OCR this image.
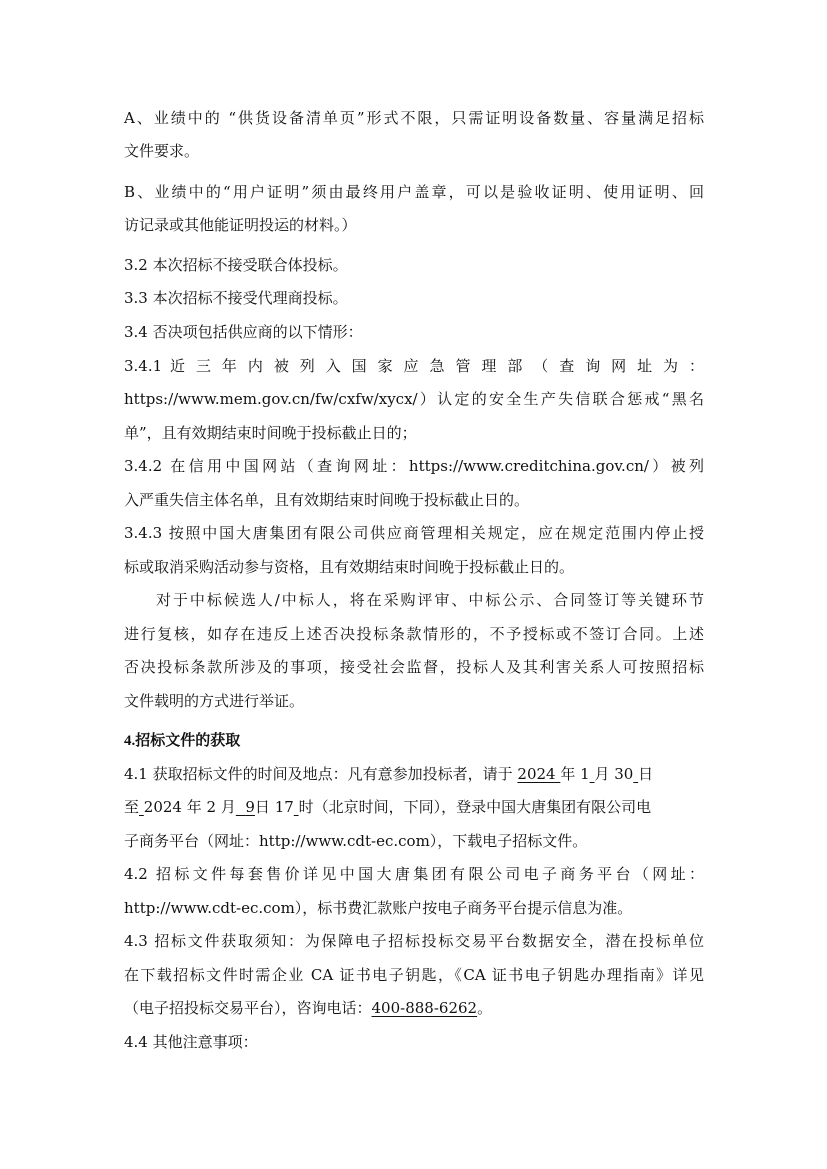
A、业绩中的 “供货设备清单页”形式不限，只需证明设备数量、容量满足招标
文件要求。
B、业绩中的“用户证明”须由最终用户盖章，可以是验收证明、使用证明、回
访记录或其他能证明投运的材料。）
3.2 本次招标不接受联合体投标。
3.3 本次招标不接受代理商投标。
3.4 否决项包括供应商的以下情形：
3.4.1 近 三 年 内 被 列 入 国 家 应 急 管 理 部 （ 查 询 网 址 为 ：
https://www.mem.gov.cn/fw/cxfw/xycx/）认定的安全生产失信联合惩戒“黑名
单”，且有效期结束时间晚于投标截止日的；
3.4.2 在信用中国网站（查询网址：https://www.creditchina.gov.cn/）被列
入严重失信主体名单，且有效期结束时间晚于投标截止日的。
3.4.3 按照中国大唐集团有限公司供应商管理相关规定，应在规定范围内停止授
标或取消采购活动参与资格，且有效期结束时间晚于投标截止日的。
对于中标候选人/中标人，将在采购评审、中标公示、合同签订等关键环节
进行复核，如存在违反上述否决投标条款情形的，不予授标或不签订合同。上述
否决投标条款所涉及的事项，接受社会监督，投标人及其利害关系人可按照招标
文件载明的方式进行举证。
4.招标文件的获取
4.1 获取招标文件的时间及地点：凡有意参加投标者，请于 2024 年 1 月 30 日
至 2024 年 2 月 9日 17 时（北京时间，下同），登录中国大唐集团有限公司电
子商务平台（网址：http://www.cdt-ec.com），下载电子招标文件。
4.2 招标文件每套售价详见中国大唐集团有限公司电子商务平台（网址：
http://www.cdt-ec.com），标书费汇款账户按电子商务平台提示信息为准。
4.3 招标文件获取须知：为保障电子招标投标交易平台数据安全，潜在投标单位
在下载招标文件时需企业 CA 证书电子钥匙，《CA 证书电子钥匙办理指南》详见
（电子招投标交易平台），咨询电话：400-888-6262。
4.4 其他注意事项：
